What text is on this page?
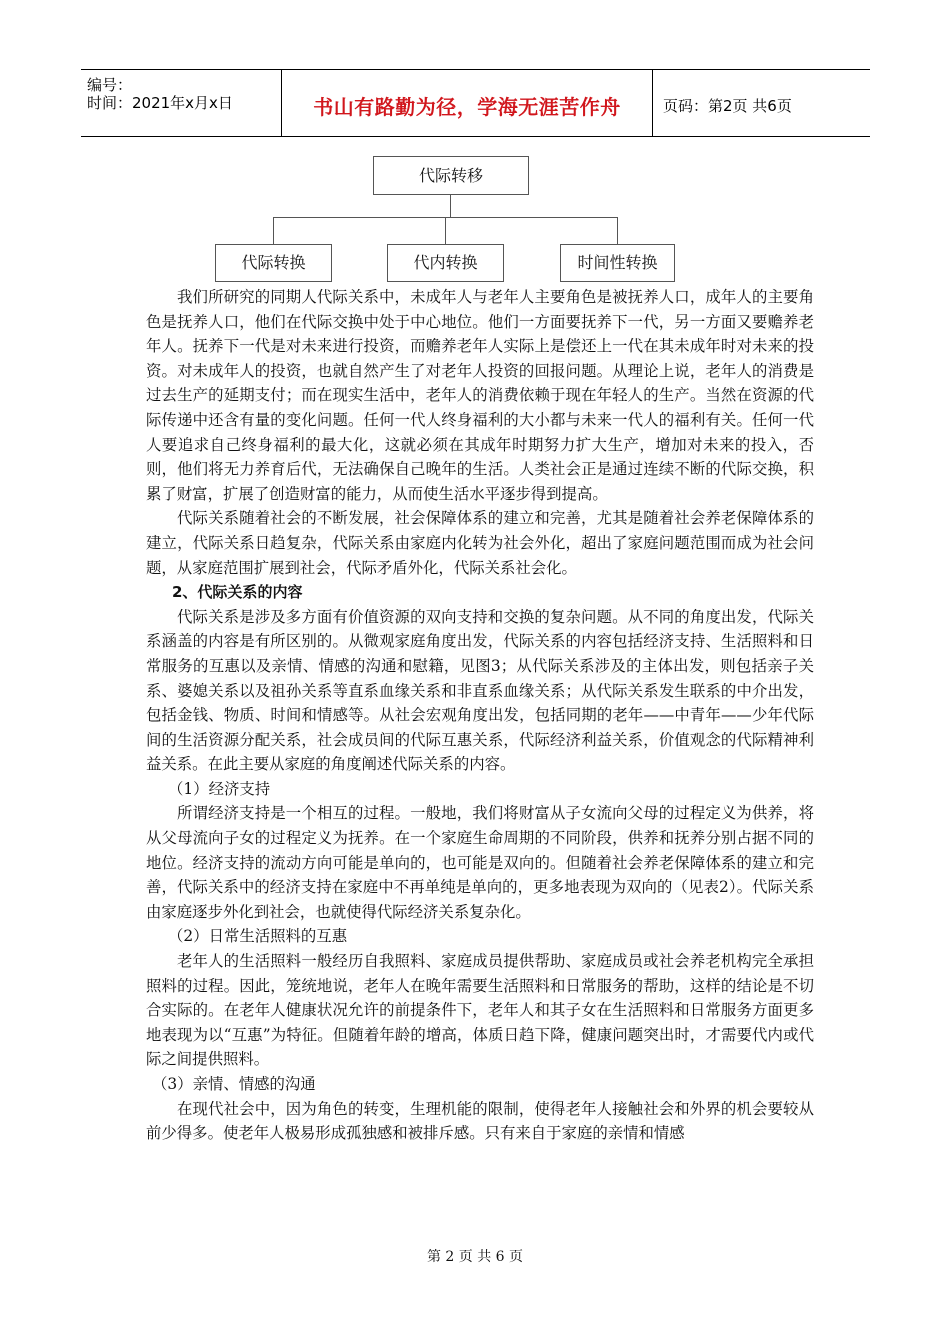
编号：
时间：2021年x月x日	书山有路勤为径，学海无涯苦作舟	页码：第2页 共6页
代际转移
代际转换	代内转换	时间性转换

我们所研究的同期人代际关系中，未成年人与老年人主要角色是被抚养人口，成年人的主要角色是抚养人口，他们在代际交换中处于中心地位。他们一方面要抚养下一代，另一方面又要赡养老年人。抚养下一代是对未来进行投资，而赡养老年人实际上是偿还上一代在其未成年时对未来的投资。对未成年人的投资，也就自然产生了对老年人投资的回报问题。从理论上说，老年人的消费是过去生产的延期支付；而在现实生活中，老年人的消费依赖于现在年轻人的生产。当然在资源的代际传递中还含有量的变化问题。任何一代人终身福利的大小都与未来一代人的福利有关。任何一代人要追求自己终身福利的最大化，这就必须在其成年时期努力扩大生产，增加对未来的投入，否则，他们将无力养育后代，无法确保自己晚年的生活。人类社会正是通过连续不断的代际交换，积累了财富，扩展了创造财富的能力，从而使生活水平逐步得到提高。

代际关系随着社会的不断发展，社会保障体系的建立和完善，尤其是随着社会养老保障体系的建立，代际关系日趋复杂，代际关系由家庭内化转为社会外化，超出了家庭问题范围而成为社会问题，从家庭范围扩展到社会，代际矛盾外化，代际关系社会化。

2、代际关系的内容

代际关系是涉及多方面有价值资源的双向支持和交换的复杂问题。从不同的角度出发，代际关系涵盖的内容是有所区别的。从微观家庭角度出发，代际关系的内容包括经济支持、生活照料和日常服务的互惠以及亲情、情感的沟通和慰籍，见图3；从代际关系涉及的主体出发，则包括亲子关系、婆媳关系以及祖孙关系等直系血缘关系和非直系血缘关系；从代际关系发生联系的中介出发，包括金钱、物质、时间和情感等。从社会宏观角度出发，包括同期的老年——中青年——少年代际间的生活资源分配关系，社会成员间的代际互惠关系，代际经济利益关系，价值观念的代际精神利益关系。在此主要从家庭的角度阐述代际关系的内容。

（1）经济支持

所谓经济支持是一个相互的过程。一般地，我们将财富从子女流向父母的过程定义为供养，将从父母流向子女的过程定义为抚养。在一个家庭生命周期的不同阶段，供养和抚养分别占据不同的地位。经济支持的流动方向可能是单向的，也可能是双向的。但随着社会养老保障体系的建立和完善，代际关系中的经济支持在家庭中不再单纯是单向的，更多地表现为双向的（见表2）。代际关系由家庭逐步外化到社会，也就使得代际经济关系复杂化。

（2）日常生活照料的互惠

老年人的生活照料一般经历自我照料、家庭成员提供帮助、家庭成员或社会养老机构完全承担照料的过程。因此，笼统地说，老年人在晚年需要生活照料和日常服务的帮助，这样的结论是不切合实际的。在老年人健康状况允许的前提条件下，老年人和其子女在生活照料和日常服务方面更多地表现为以“互惠”为特征。但随着年龄的增高，体质日趋下降，健康问题突出时，才需要代内或代际之间提供照料。

（3）亲情、情感的沟通

在现代社会中，因为角色的转变，生理机能的限制，使得老年人接触社会和外界的机会要较从前少得多。使老年人极易形成孤独感和被排斥感。只有来自于家庭的亲情和情感

第 2 页 共 6 页
